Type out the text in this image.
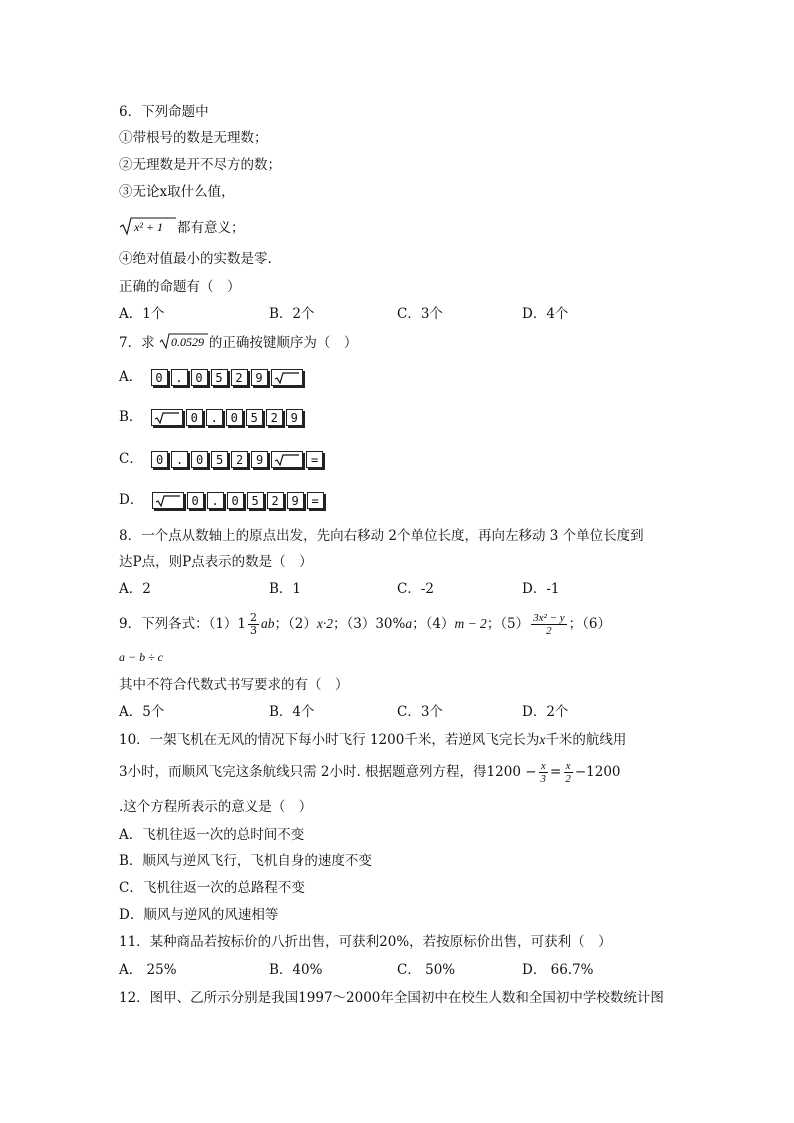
6．下列命题中
①带根号的数是无理数；
②无理数是开不尽方的数；
③无论x取什么值，
x² + 1 都有意义；
④绝对值最小的实数是零.
正确的命题有（　）
A．1个	B．2个	C．3个	D．4个
7．求 0.0529 的正确按键顺序为（　）
A．	0	.	0	5	2	9
B．	0	.	0	5	2	9
C．	0	.	0	5	2	9	=
D．	0	.	0	5	2	9	=
8．一个点从数轴上的原点出发，先向右移动 2个单位长度，再向左移动 3 个单位长度到
达P点，则P点表示的数是（　）
A．2	B．1	C．-2	D．-1
9．下列各式：$(1)1 \frac{2}{3}$ ab；（2）x·2；（3）30%a；（4）m − 2；$(5) \frac{\text{3x² − y}}{2}$ ；（6）
a − b ÷ c
其中不符合代数式书写要求的有（　）
A．5个	B．4个	C．3个	D．2个
10．一架飞机在无风的情况下每小时飞行 1200千米，若逆风飞完长为x千米的航线用
3小时，而顺风飞完这条航线只需 2小时. 根据题意列方程，得$1200 - \frac{x}{3} = \frac{x}{2} -1200$
.这个方程所表示的意义是（　）
A．飞机往返一次的总时间不变
B．顺风与逆风飞行，飞机自身的速度不变
C．飞机往返一次的总路程不变
D．顺风与逆风的风速相等
11．某种商品若按标价的八折出售，可获利20%，若按原标价出售，可获利（　）
A． 25%	B．40%	C． 50%	D． 66.7%
12．图甲、乙所示分别是我国1997～2000年全国初中在校生人数和全国初中学校数统计图
